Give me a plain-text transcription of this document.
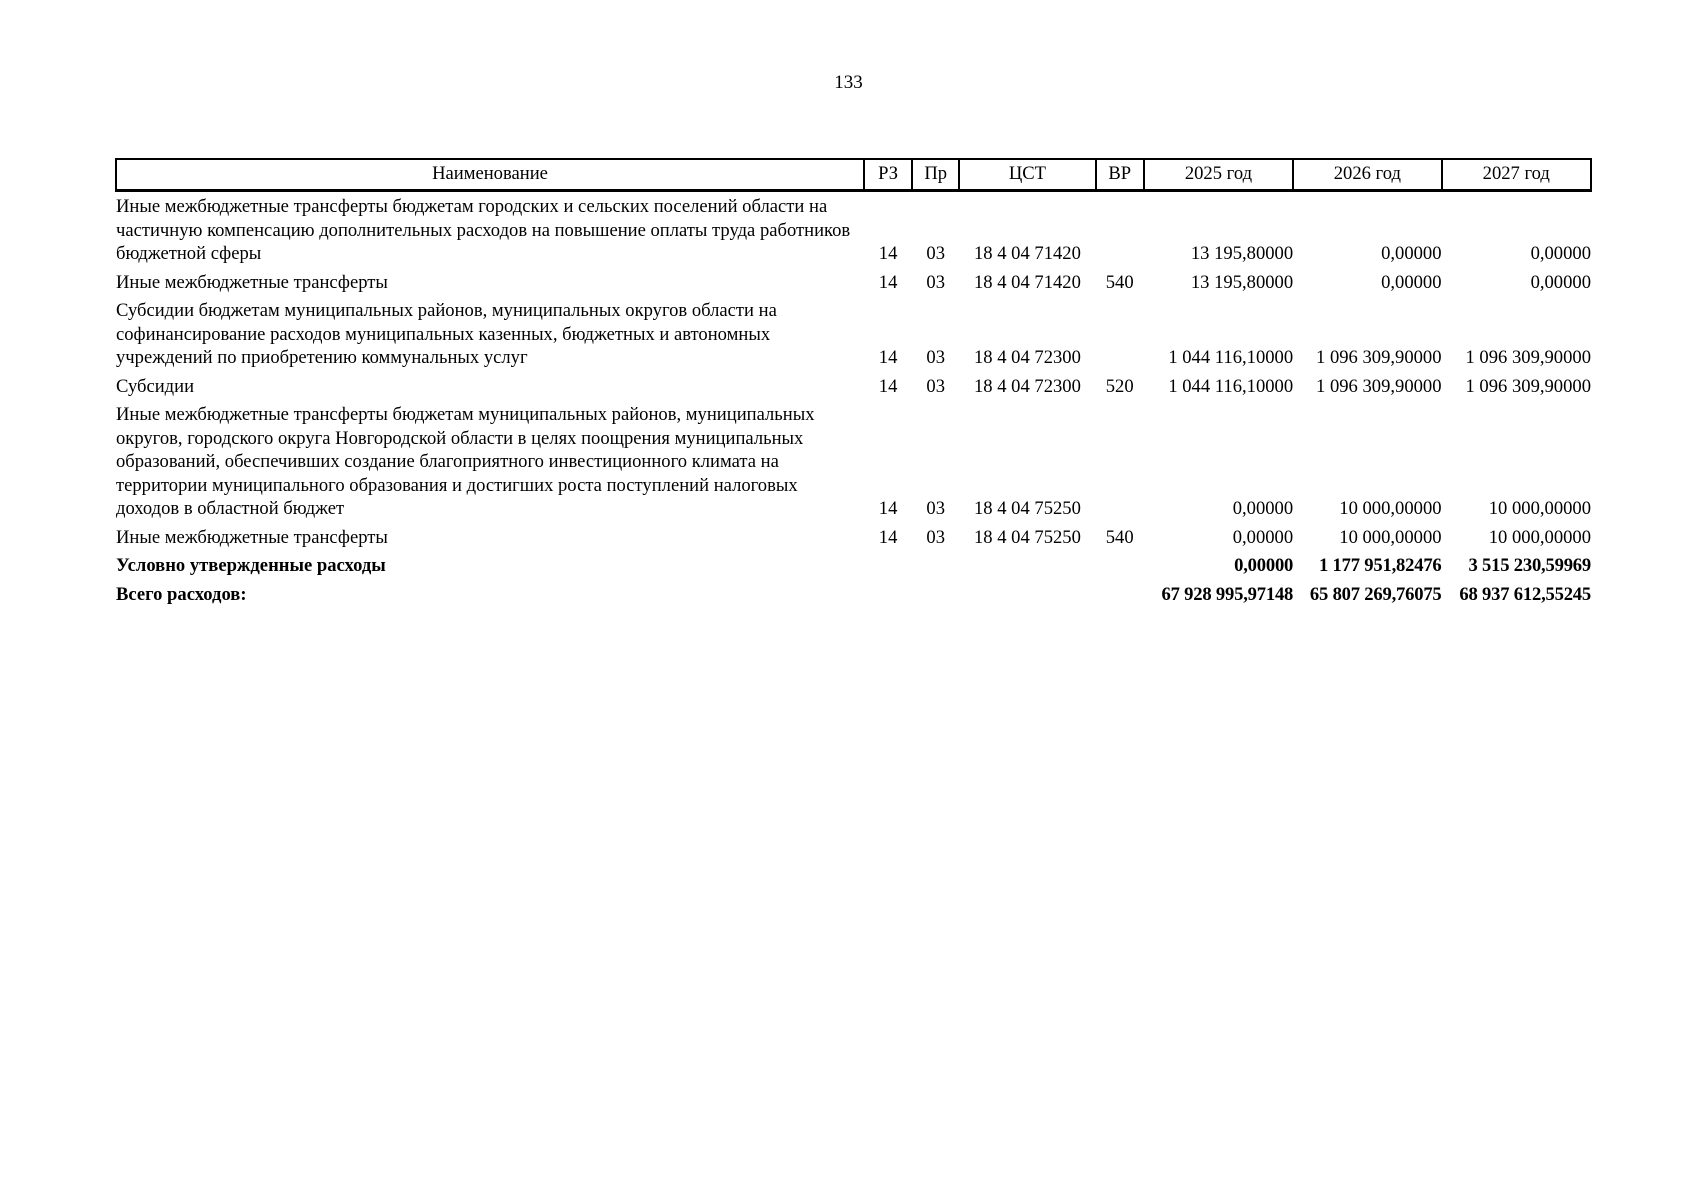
133
Наименование	РЗ	Пр	ЦСТ	ВР	2025 год	2026 год	2027 год
Иные межбюджетные трансферты бюджетам городских и сельских поселений области на частичную компенсацию дополнительных расходов на повышение оплаты труда работников бюджетной сферы	14	03	18 4 04 71420		13 195,80000	0,00000	0,00000
Иные межбюджетные трансферты	14	03	18 4 04 71420	540	13 195,80000	0,00000	0,00000
Субсидии бюджетам муниципальных районов, муниципальных округов области на софинансирование расходов муниципальных казенных, бюджетных и автономных учреждений по приобретению коммунальных услуг	14	03	18 4 04 72300		1 044 116,10000	1 096 309,90000	1 096 309,90000
Субсидии	14	03	18 4 04 72300	520	1 044 116,10000	1 096 309,90000	1 096 309,90000
Иные межбюджетные трансферты бюджетам муниципальных районов, муниципальных округов, городского округа Новгородской области в целях поощрения муниципальных образований, обеспечивших создание благоприятного инвестиционного климата на территории муниципального образования и достигших роста поступлений налоговых доходов в областной бюджет	14	03	18 4 04 75250		0,00000	10 000,00000	10 000,00000
Иные межбюджетные трансферты	14	03	18 4 04 75250	540	0,00000	10 000,00000	10 000,00000
Условно утвержденные расходы					0,00000	1 177 951,82476	3 515 230,59969
Всего расходов:					67 928 995,97148	65 807 269,76075	68 937 612,55245
